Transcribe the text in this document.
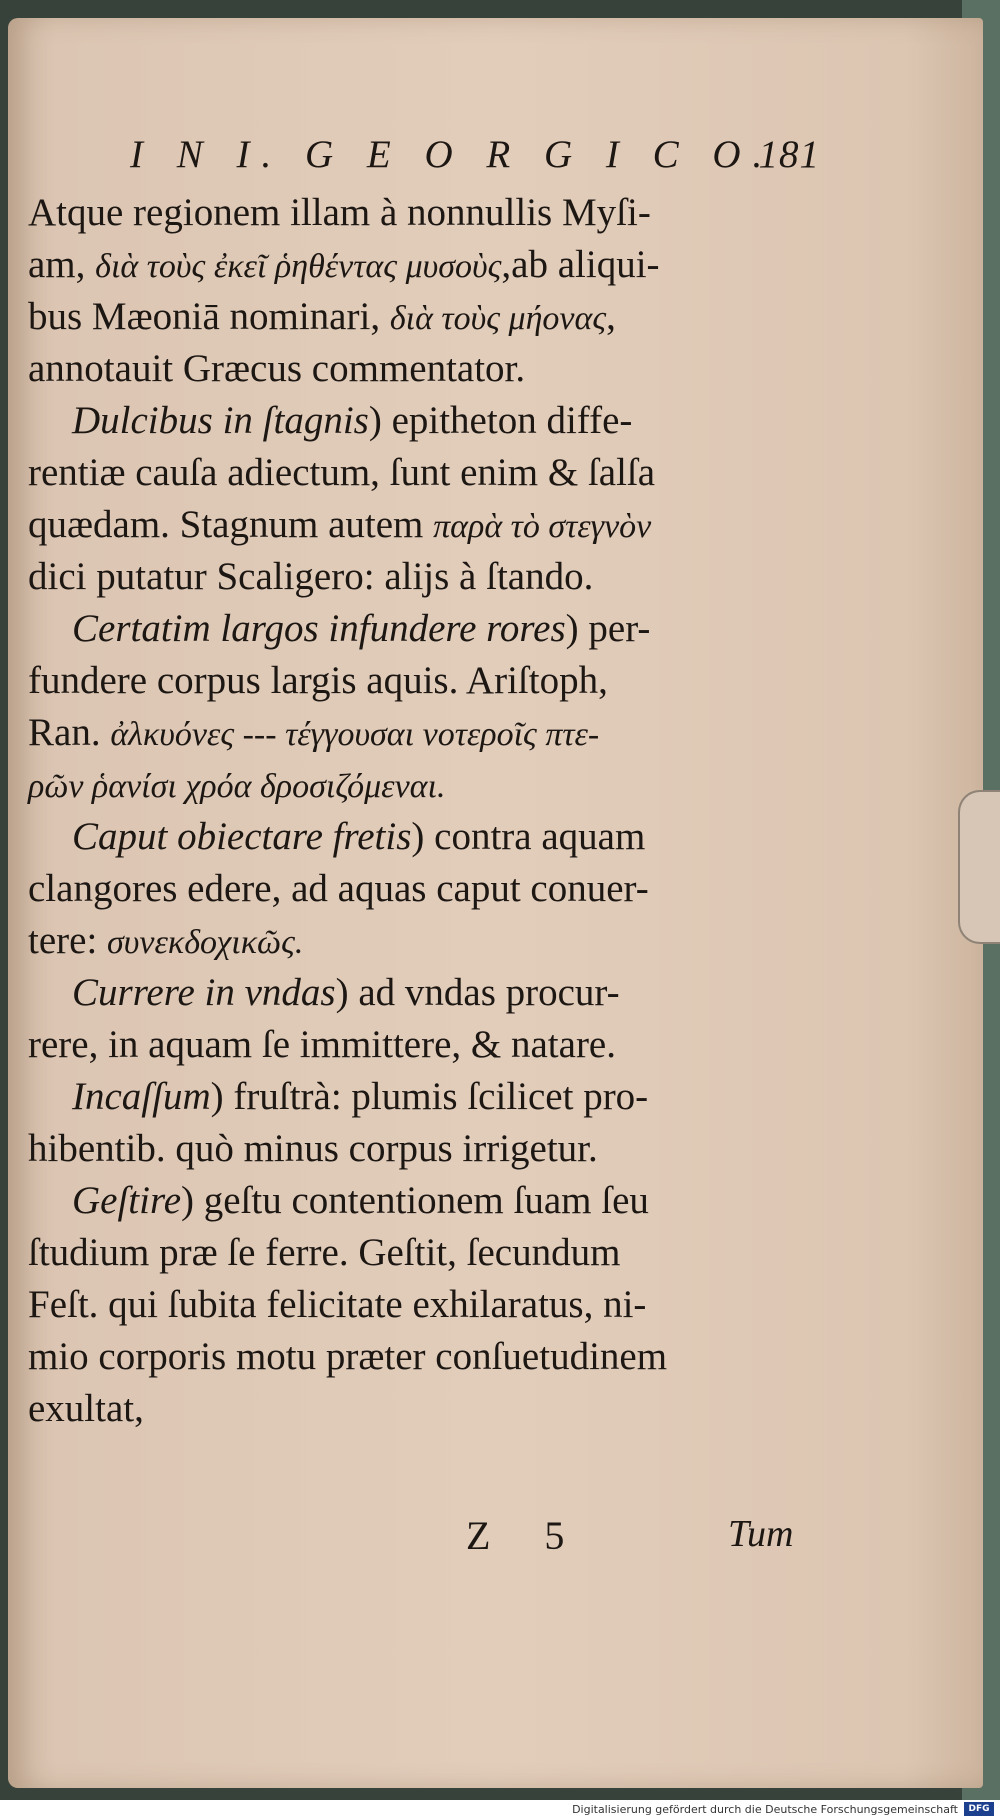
I N I. G E O R G I C O.
181
Atque regionem illam à nonnullis Myſi-
am, διὰ τοὺς ἐκεῖ ῥηθέντας μυσοὺς,ab aliqui-
bus Mæoniā nominari, διὰ τοὺς μήονας,
annotauit Græcus commentator.
Dulcibus in ſtagnis) epitheton diffe-
rentiæ cauſa adiectum, ſunt enim & ſalſa
quædam. Stagnum autem παρὰ τὸ στεγνὸν
dici putatur Scaligero: alijs à ſtando.
Certatim largos infundere rores) per-
fundere corpus largis aquis. Ariſtoph,
Ran. ἀλκυόνες --- τέγγουσαι νοτεροῖς πτε-
ρῶν ῥανίσι χρόα δροσιζόμεναι.
Caput obiectare fretis) contra aquam
clangores edere, ad aquas caput conuer-
tere: συνεκδοχικῶς.
Currere in vndas) ad vndas procur-
rere, in aquam ſe immittere, & natare.
Incaſſum) fruſtrà: plumis ſcilicet pro-
hibentib. quò minus corpus irrigetur.
Geſtire) geſtu contentionem ſuam ſeu
ſtudium præ ſe ferre. Geſtit, ſecundum
Feſt. qui ſubita felicitate exhilaratus, ni-
mio corporis motu præter conſuetudinem
exultat,
Z 5	Tum
Digitalisierung gefördert durch die Deutsche Forschungsgemeinschaft	DFG
